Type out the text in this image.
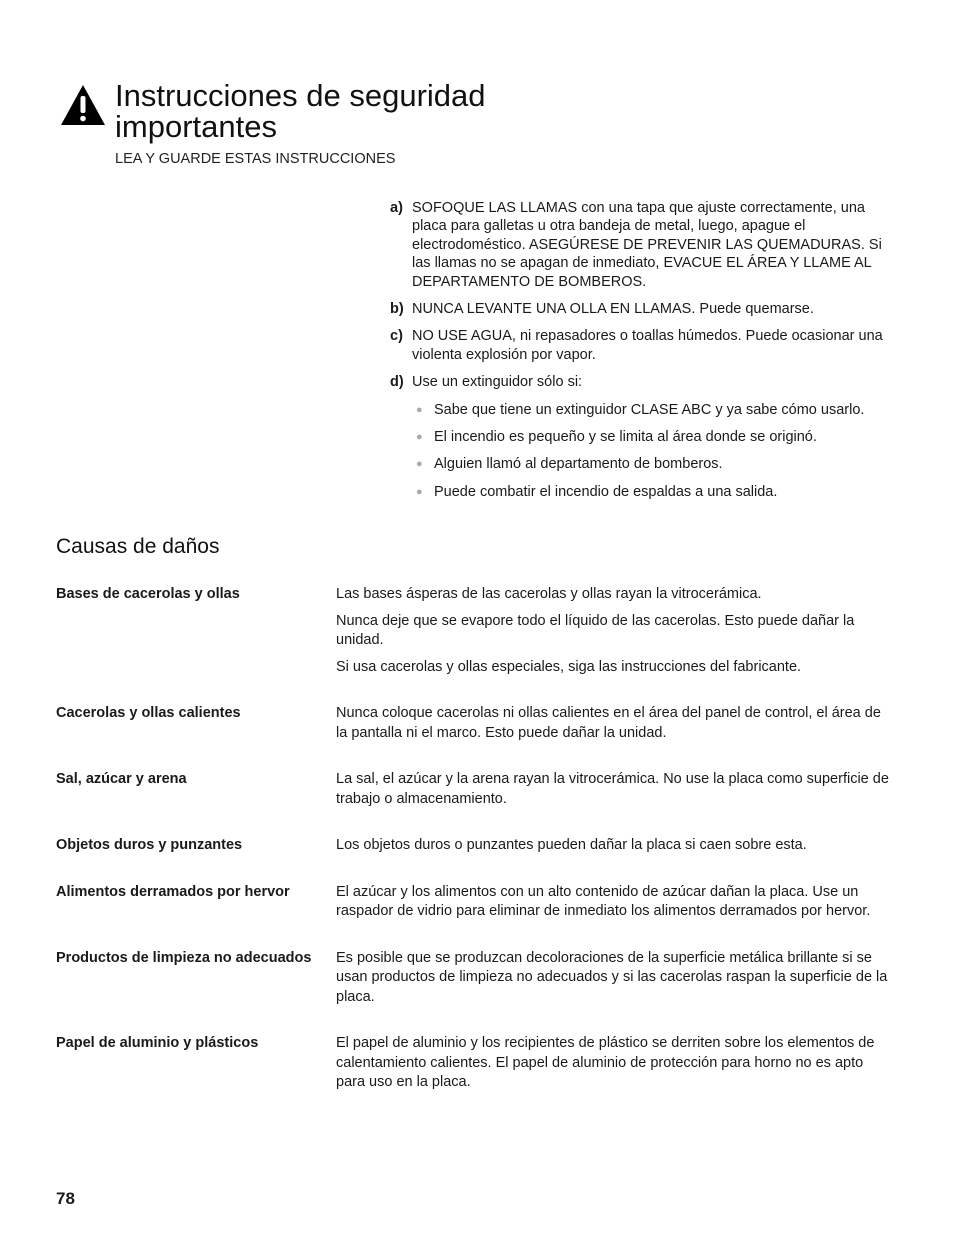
Instrucciones de seguridad
importantes
LEA Y GUARDE ESTAS INSTRUCCIONES
a) SOFOQUE LAS LLAMAS con una tapa que ajuste correctamente, una placa para galletas u otra bandeja de metal, luego, apague el electrodoméstico. ASEGÚRESE DE PREVENIR LAS QUEMADURAS. Si las llamas no se apagan de inmediato, EVACUE EL ÁREA Y LLAME AL DEPARTAMENTO DE BOMBEROS.
b) NUNCA LEVANTE UNA OLLA EN LLAMAS. Puede quemarse.
c) NO USE AGUA, ni repasadores o toallas húmedos. Puede ocasionar una violenta explosión por vapor.
d) Use un extinguidor sólo si:
● Sabe que tiene un extinguidor CLASE ABC y ya sabe cómo usarlo.
● El incendio es pequeño y se limita al área donde se originó.
● Alguien llamó al departamento de bomberos.
● Puede combatir el incendio de espaldas a una salida.
Causas de daños
Bases de cacerolas y ollas	Las bases ásperas de las cacerolas y ollas rayan la vitrocerámica.

Nunca deje que se evapore todo el líquido de las cacerolas. Esto puede dañar la unidad.

Si usa cacerolas y ollas especiales, siga las instrucciones del fabricante.

Cacerolas y ollas calientes	Nunca coloque cacerolas ni ollas calientes en el área del panel de control, el área de la pantalla ni el marco. Esto puede dañar la unidad.

Sal, azúcar y arena	La sal, el azúcar y la arena rayan la vitrocerámica. No use la placa como superficie de trabajo o almacenamiento.

Objetos duros y punzantes	Los objetos duros o punzantes pueden dañar la placa si caen sobre esta.

Alimentos derramados por hervor	El azúcar y los alimentos con un alto contenido de azúcar dañan la placa. Use un raspador de vidrio para eliminar de inmediato los alimentos derramados por hervor.

Productos de limpieza no adecuados	Es posible que se produzcan decoloraciones de la superficie metálica brillante si se usan productos de limpieza no adecuados y si las cacerolas raspan la superficie de la placa.

Papel de aluminio y plásticos	El papel de aluminio y los recipientes de plástico se derriten sobre los elementos de calentamiento calientes. El papel de aluminio de protección para horno no es apto para uso en la placa.

78
